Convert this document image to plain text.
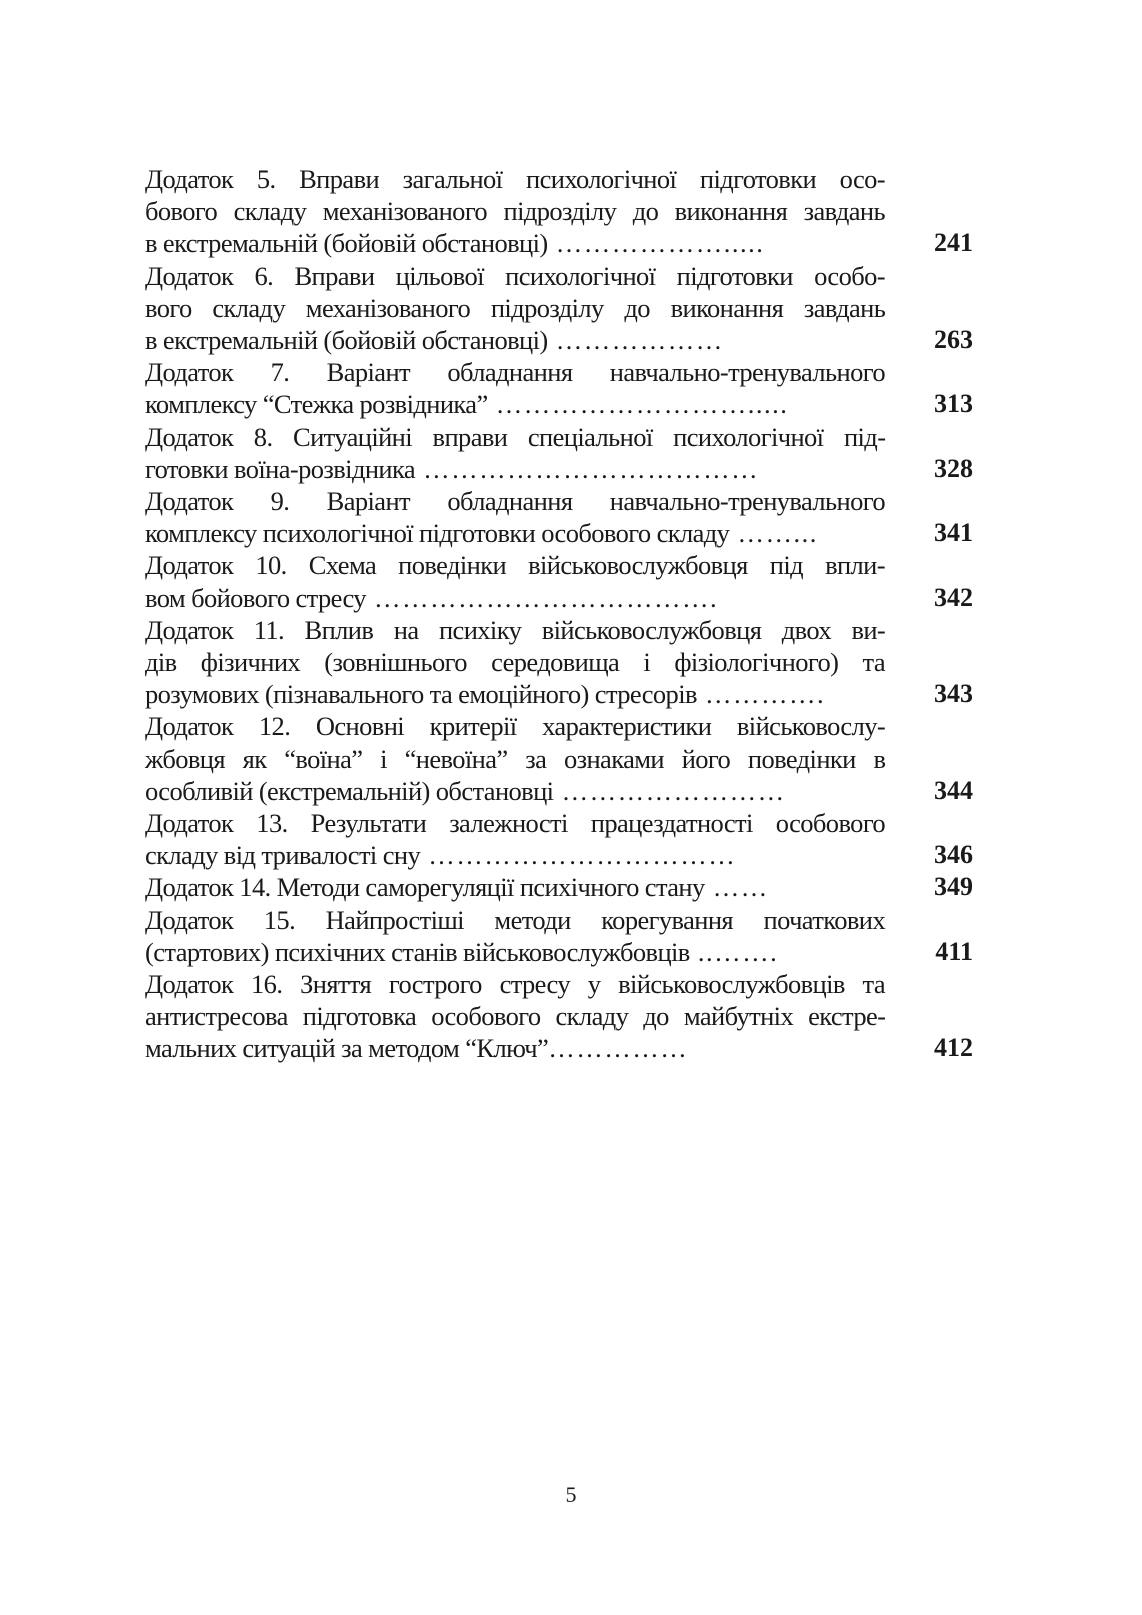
Додаток 5. Вправи загальної психологічної підготовки осо-
бового складу механізованого підрозділу до виконання завдань
в екстремальній (бойовій обстановці) ……………….....	241
Додаток 6. Вправи цільової психологічної підготовки особо-
вого складу механізованого підрозділу до виконання завдань
в екстремальній (бойовій обстановці) ………………	263
Додаток 7. Варіант обладнання навчально-тренувального
комплексу “Стежка розвідника” ……………………….....	313
Додаток 8. Ситуаційні вправи спеціальної психологічної під-
готовки воїна-розвідника ………………………………	328
Додаток 9. Варіант обладнання навчально-тренувального
комплексу психологічної підготовки особового складу ……...	341
Додаток 10. Схема поведінки військовослужбовця під впли-
вом бойового стресу ……………………………….	342
Додаток 11. Вплив на психіку військовослужбовця двох ви-
дів фізичних (зовнішнього середовища і фізіологічного) та
розумових (пізнавального та емоційного) стресорів ………….	343
Додаток 12. Основні критерії характеристики військовослу-
жбовця як “воїна” і “невоїна” за ознаками його поведінки в
особливій (екстремальній) обстановці ……………………	344
Додаток 13. Результати залежності працездатності особового
складу від тривалості сну ……………………………	346
Додаток 14. Методи саморегуляції психічного стану ……	349
Додаток 15. Найпростіші методи корегування початкових
(стартових) психічних станів військовослужбовців ..…….	411
Додаток 16. Зняття гострого стресу у військовослужбовців та
антистресова підготовка особового складу до майбутніх екстре-
мальних ситуацій за методом “Ключ”……………	412
5
